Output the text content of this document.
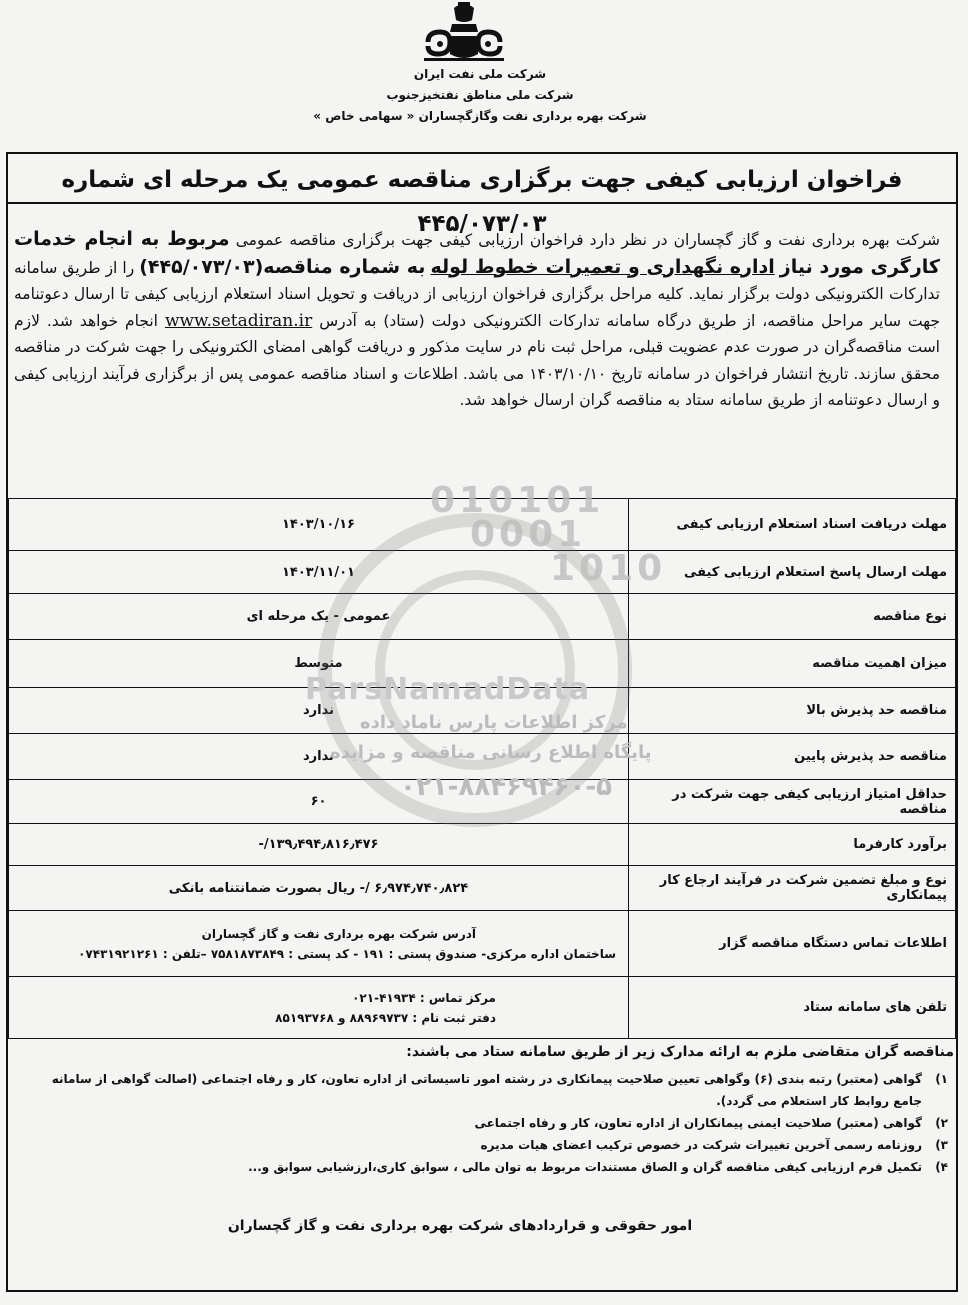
شرکت ملی نفت ایران
شرکت ملی مناطق نفتخیزجنوب
شرکت بهره برداری نفت وگازگچساران « سهامی خاص »
فراخوان ارزیابی کیفی جهت برگزاری مناقصه عمومی یک مرحله ای شماره ۴۴۵/۰۷۳/۰۳
شرکت بهره برداری نفت و گاز گچساران در نظر دارد فراخوان ارزیابی کیفی جهت برگزاری مناقصه عمومی مربوط به انجام خدمات کارگری مورد نیاز اداره نگهداری و تعمیرات خطوط لوله به شماره مناقصه(۴۴۵/۰۷۳/۰۳) را از طریق سامانه تدارکات الکترونیکی دولت برگزار نماید. کلیه مراحل برگزاری فراخوان ارزیابی از دریافت و تحویل اسناد استعلام ارزیابی کیفی تا ارسال دعوتنامه جهت سایر مراحل مناقصه، از طریق درگاه سامانه تدارکات الکترونیکی دولت (ستاد) به آدرس www.setadiran.ir انجام خواهد شد. لازم است مناقصه‌گران در صورت عدم عضویت قبلی، مراحل ثبت نام در سایت مذکور و دریافت گواهی امضای الکترونیکی را جهت شرکت در مناقصه محقق سازند. تاریخ انتشار فراخوان در سامانه تاریخ ۱۴۰۳/۱۰/۱۰ می باشد. اطلاعات و اسناد مناقصه عمومی پس از برگزاری فرآیند ارزیابی کیفی و ارسال دعوتنامه از طریق سامانه ستاد به مناقصه گران ارسال خواهد شد.
مهلت دریافت اسناد استعلام ارزیابی کیفی	۱۴۰۳/۱۰/۱۶
مهلت ارسال پاسخ استعلام ارزیابی کیفی	۱۴۰۳/۱۱/۰۱
نوع مناقصه	عمومی - یک مرحله ای
میزان اهمیت مناقصه	متوسط
مناقصه حد پذیرش بالا	ندارد
مناقصه حد پذیرش پایین	ندارد
حداقل امتیاز ارزیابی کیفی جهت شرکت در مناقصه	۶۰
برآورد کارفرما	۱۳۹٫۴۹۴٫۸۱۶٫۴۷۶/-
نوع و مبلغ تضمین شرکت در فرآیند ارجاع کار پیمانکاری	۶٫۹۷۴٫۷۴۰٫۸۲۴ /- ریال بصورت ضمانتنامه بانکی
اطلاعات تماس دستگاه مناقصه گزار	آدرس شرکت بهره برداری نفت و گاز گچساران
ساختمان اداره مرکزی- صندوق پستی : ۱۹۱ - کد پستی : ۷۵۸۱۸۷۳۸۴۹ –تلفن : ۰۷۴۳۱۹۲۱۲۶۱

تلفن های سامانه ستاد	مرکز تماس : ۴۱۹۳۴-۰۲۱
دفتر ثبت نام : ۸۸۹۶۹۷۳۷ و ۸۵۱۹۳۷۶۸
010101
0001
1010
ParsNamadData
مرکز اطلاعات پارس ناماد داده
پایگاه اطلاع رسانی مناقصه و مزایده
۰۲۱-۸۸۴۶۹۴۶۰-۵
مناقصه گران متقاضی ملزم به ارائه مدارک زیر از طریق سامانه ستاد می باشند:
۱)
گواهی (معتبر) رتبه بندی (۶) وگواهی تعیین صلاحیت پیمانکاری در رشته امور تاسیساتی از اداره تعاون، کار و رفاه اجتماعی (اصالت گواهی از سامانه جامع روابط کار استعلام می گردد).
۲)
گواهی (معتبر) صلاحیت ایمنی پیمانکاران از اداره تعاون، کار و رفاه اجتماعی
۳)
روزنامه رسمی آخرین تغییرات شرکت در خصوص ترکیب اعضای هیات مدیره
۴)
تکمیل فرم ارزیابی کیفی مناقصه گران و الصاق مستندات مربوط به توان مالی ، سوابق کاری،ارزشیابی سوابق و...
امور حقوقی و قراردادهای شرکت بهره برداری نفت و گاز گچساران
